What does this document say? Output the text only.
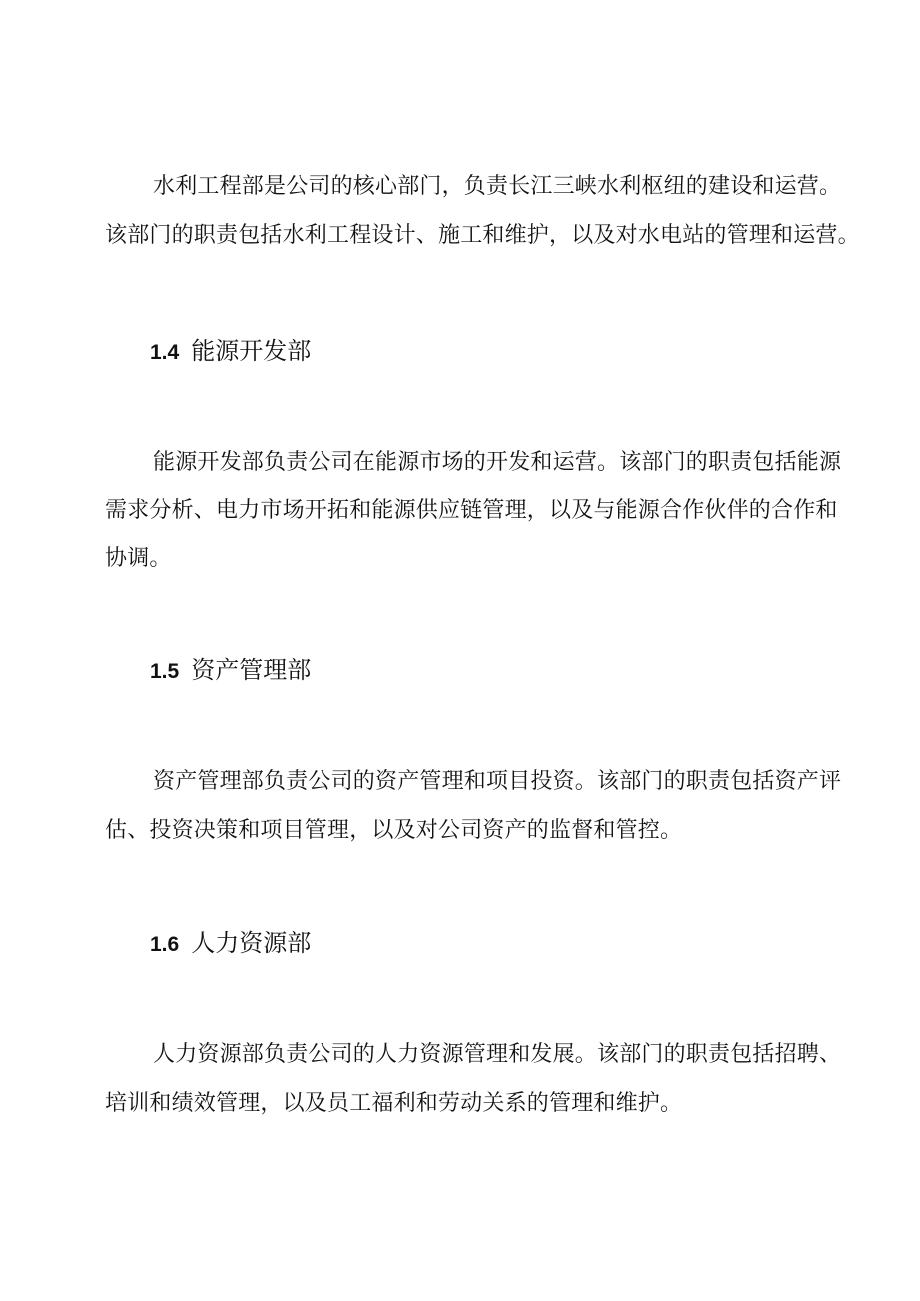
水利工程部是公司的核心部门，负责长江三峡水利枢纽的建设和运营。
该部门的职责包括水利工程设计、施工和维护，以及对水电站的管理和运营。
1.4 能源开发部
能源开发部负责公司在能源市场的开发和运营。该部门的职责包括能源
需求分析、电力市场开拓和能源供应链管理，以及与能源合作伙伴的合作和
协调。
1.5 资产管理部
资产管理部负责公司的资产管理和项目投资。该部门的职责包括资产评
估、投资决策和项目管理，以及对公司资产的监督和管控。
1.6 人力资源部
人力资源部负责公司的人力资源管理和发展。该部门的职责包括招聘、
培训和绩效管理，以及员工福利和劳动关系的管理和维护。
